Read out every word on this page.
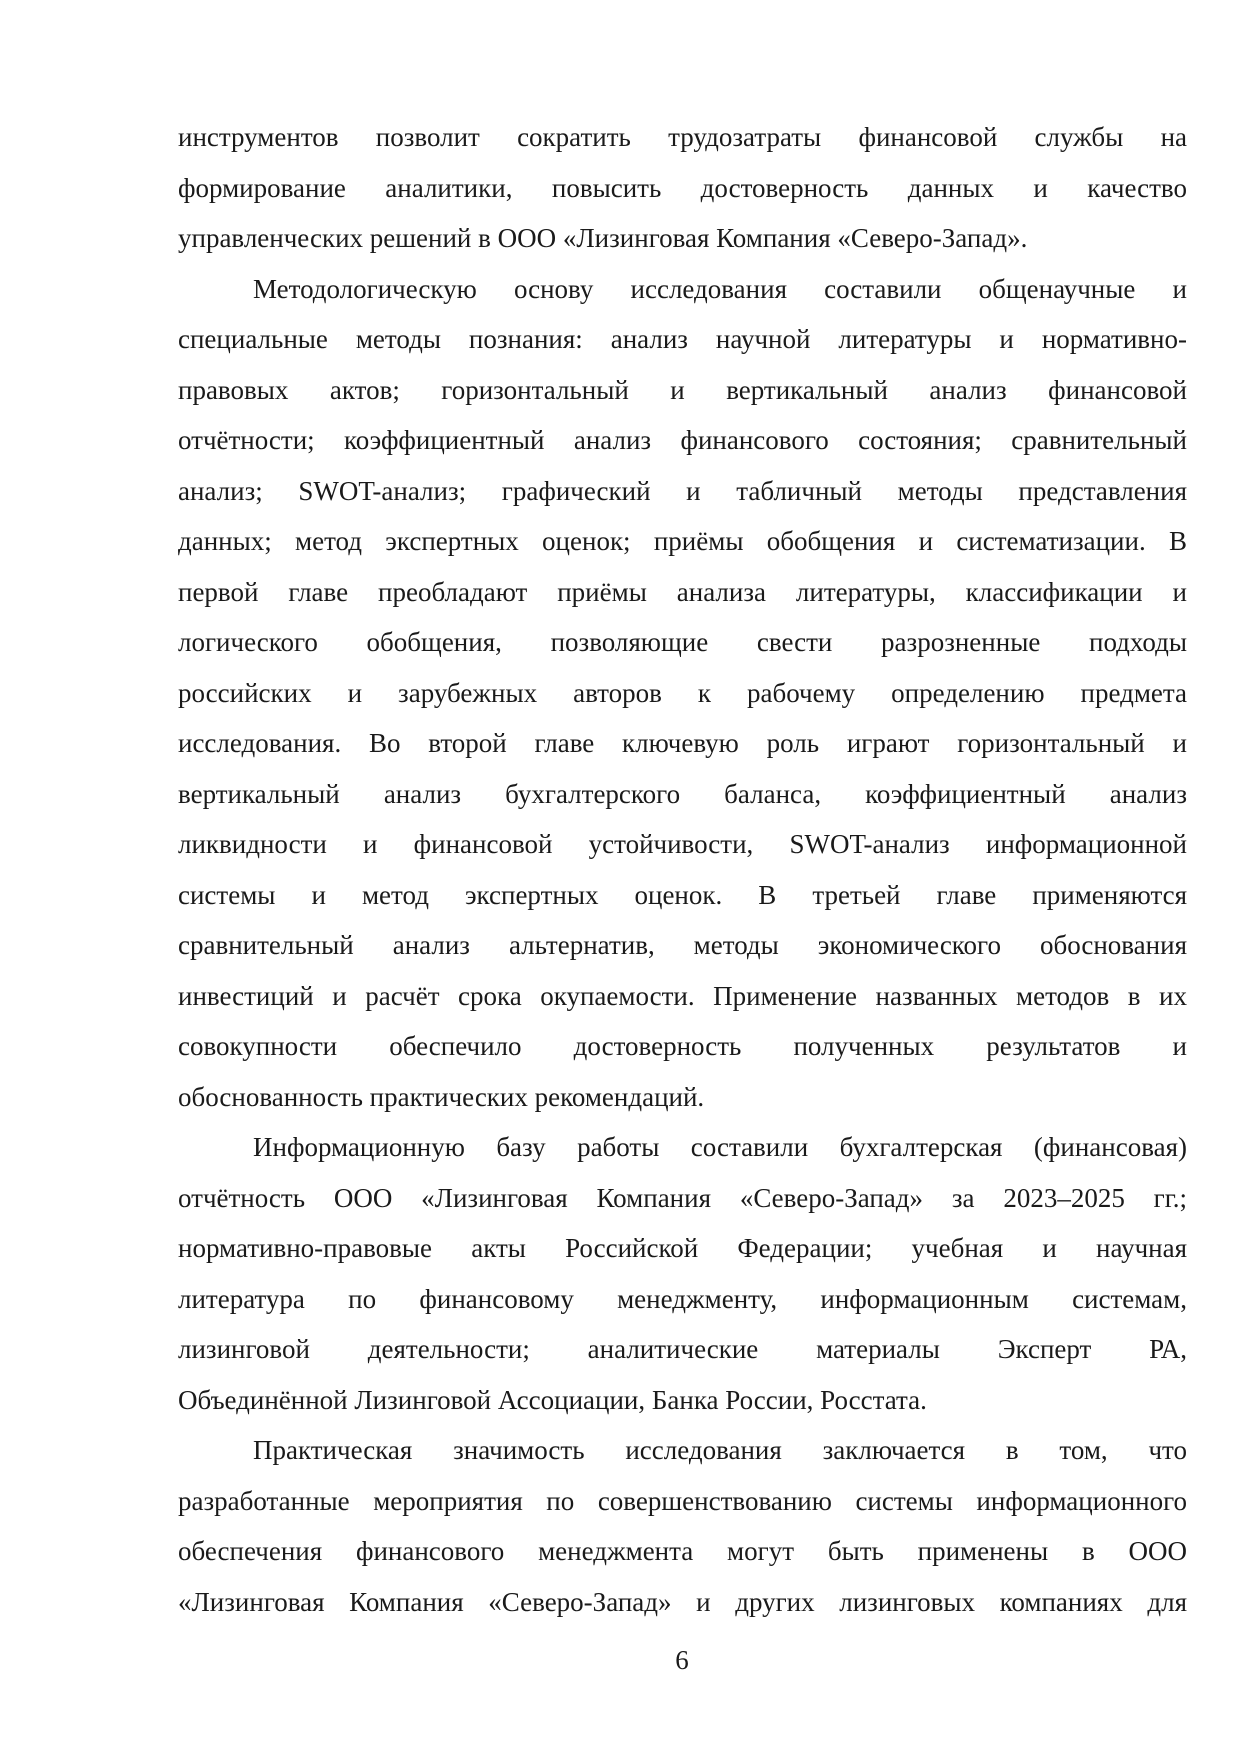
инструментов позволит сократить трудозатраты финансовой службы на
формирование аналитики, повысить достоверность данных и качество
управленческих решений в ООО «Лизинговая Компания «Северо-Запад».
Методологическую основу исследования составили общенаучные и
специальные методы познания: анализ научной литературы и нормативно-
правовых актов; горизонтальный и вертикальный анализ финансовой
отчётности; коэффициентный анализ финансового состояния; сравнительный
анализ; SWOT-анализ; графический и табличный методы представления
данных; метод экспертных оценок; приёмы обобщения и систематизации. В
первой главе преобладают приёмы анализа литературы, классификации и
логического обобщения, позволяющие свести разрозненные подходы
российских и зарубежных авторов к рабочему определению предмета
исследования. Во второй главе ключевую роль играют горизонтальный и
вертикальный анализ бухгалтерского баланса, коэффициентный анализ
ликвидности и финансовой устойчивости, SWOT-анализ информационной
системы и метод экспертных оценок. В третьей главе применяются
сравнительный анализ альтернатив, методы экономического обоснования
инвестиций и расчёт срока окупаемости. Применение названных методов в их
совокупности обеспечило достоверность полученных результатов и
обоснованность практических рекомендаций.
Информационную базу работы составили бухгалтерская (финансовая)
отчётность ООО «Лизинговая Компания «Северо-Запад» за 2023–2025 гг.;
нормативно-правовые акты Российской Федерации; учебная и научная
литература по финансовому менеджменту, информационным системам,
лизинговой деятельности; аналитические материалы Эксперт РА,
Объединённой Лизинговой Ассоциации, Банка России, Росстата.
Практическая значимость исследования заключается в том, что
разработанные мероприятия по совершенствованию системы информационного
обеспечения финансового менеджмента могут быть применены в ООО
«Лизинговая Компания «Северо-Запад» и других лизинговых компаниях для
6
